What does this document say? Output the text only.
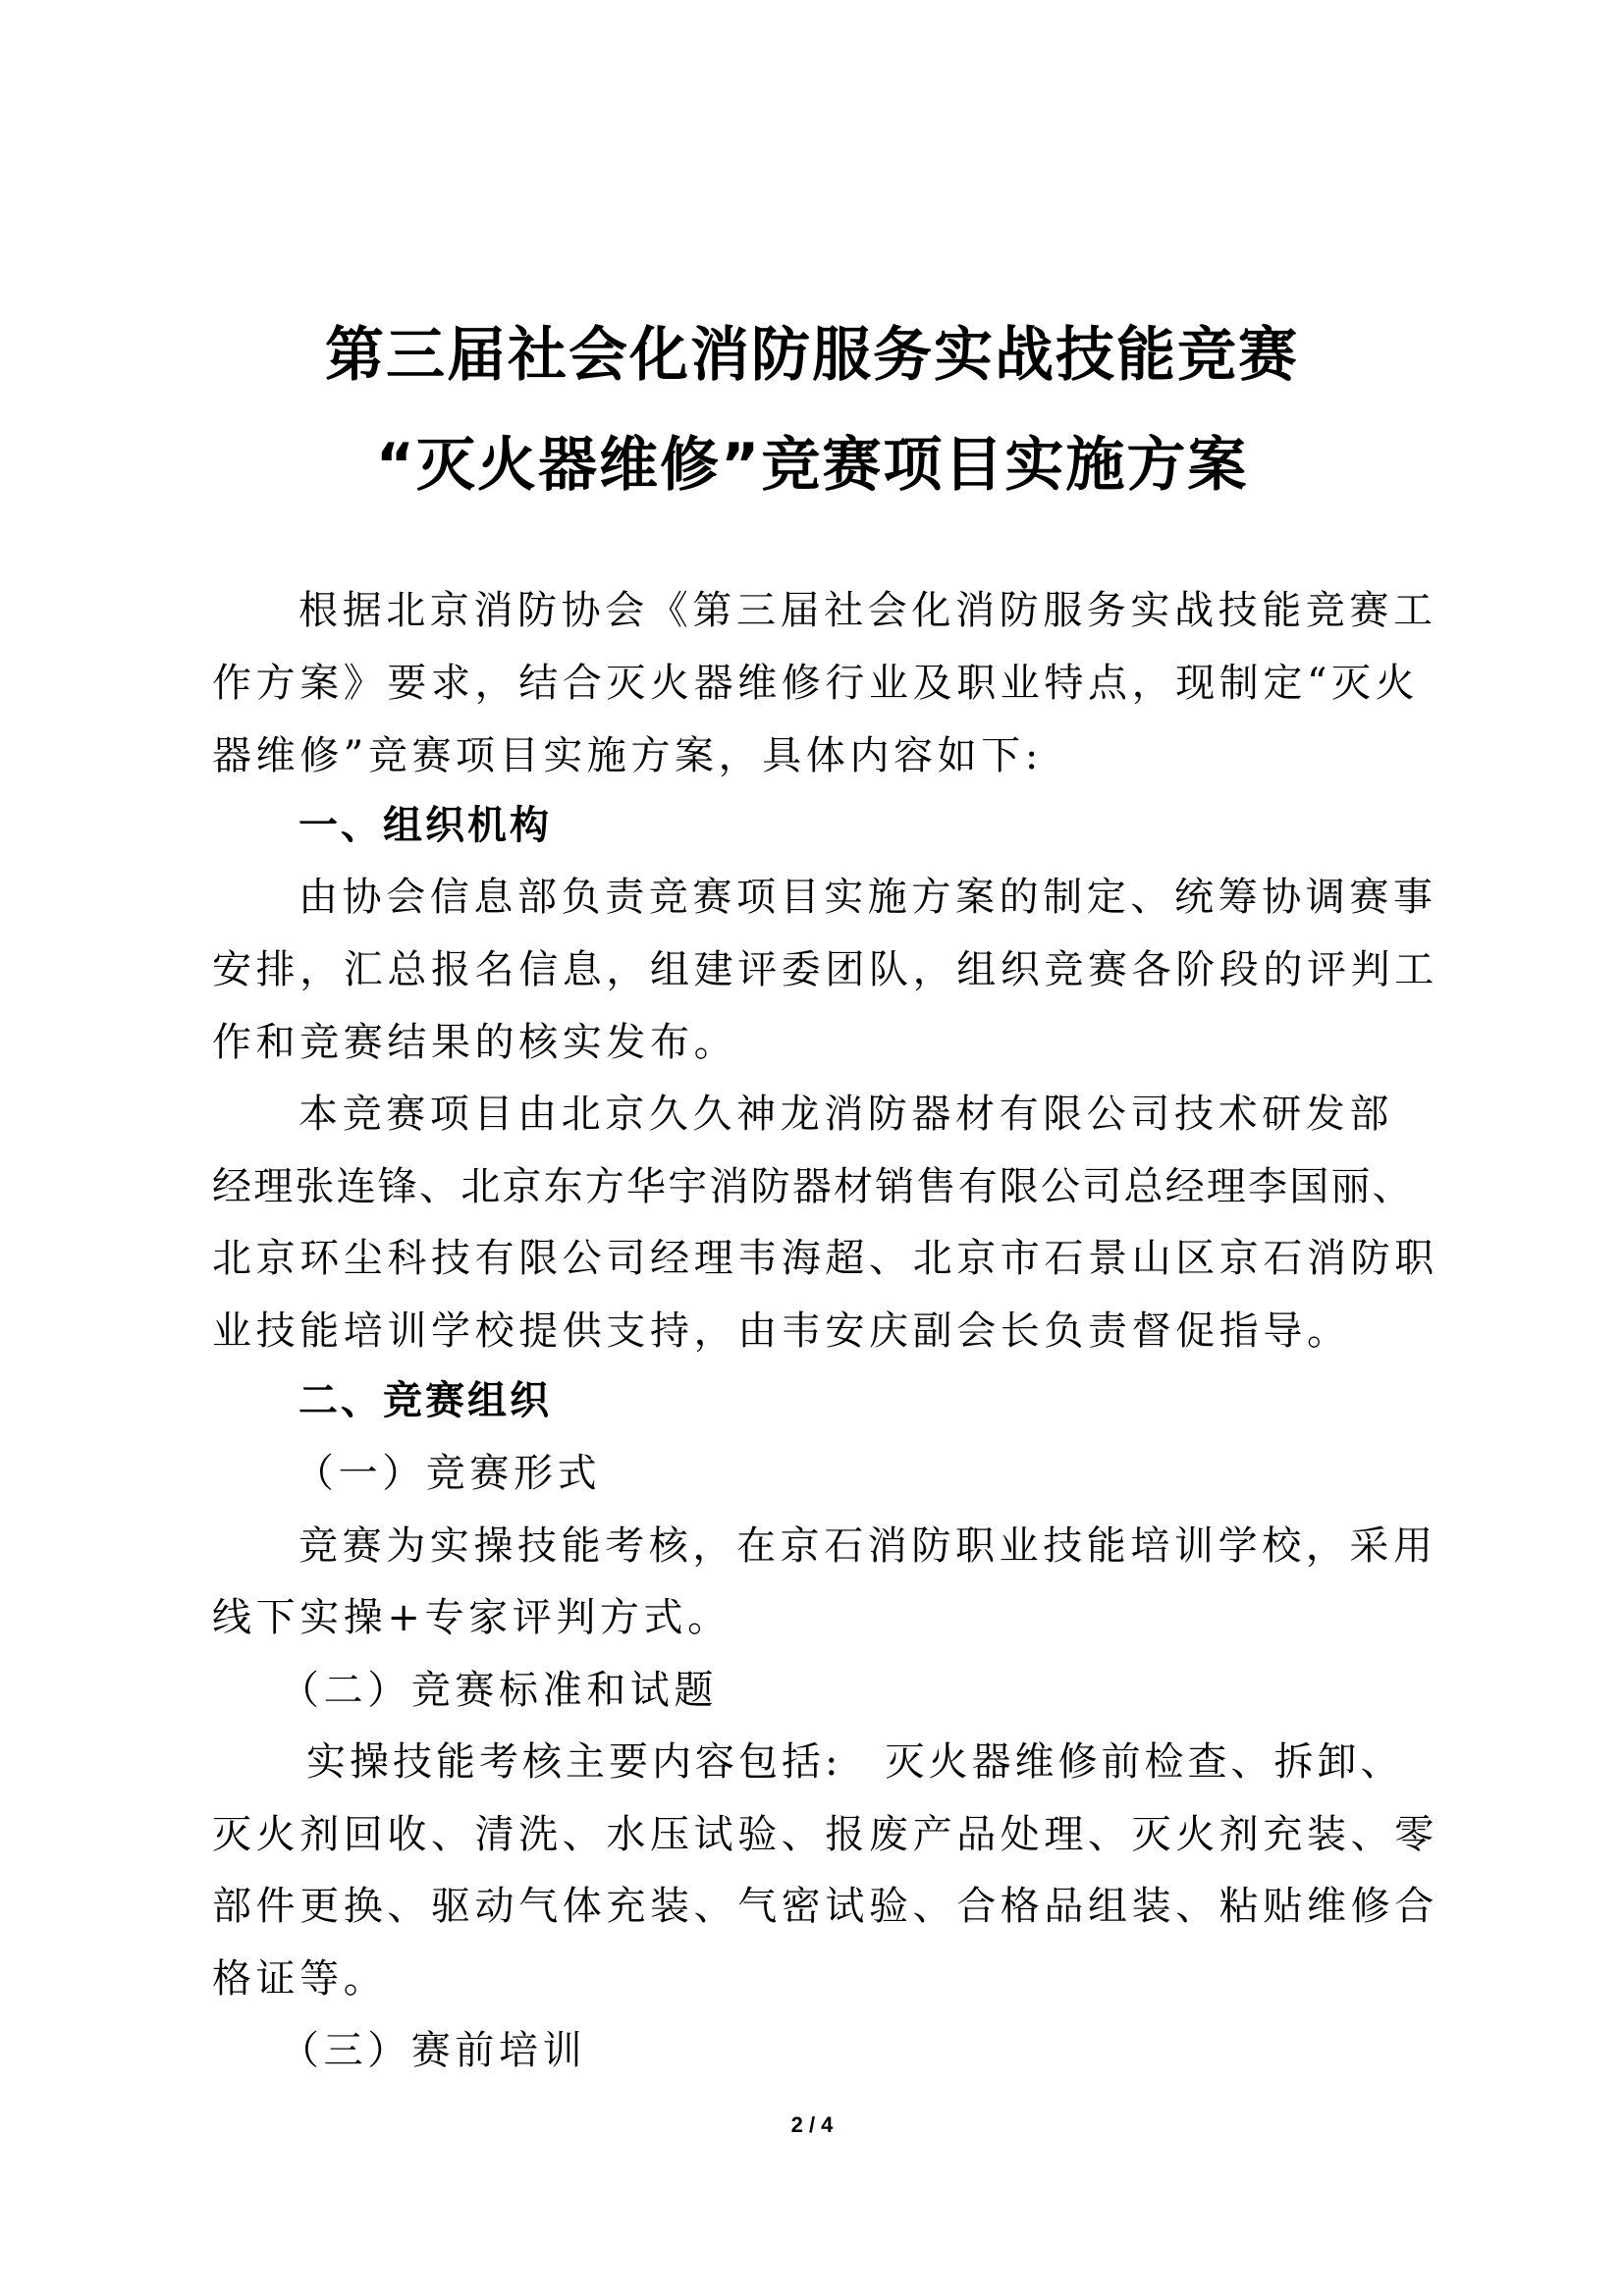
第三届社会化消防服务实战技能竞赛
“灭火器维修”竞赛项目实施方案
根据北京消防协会《第三届社会化消防服务实战技能竞赛工
作方案》要求，结合灭火器维修行业及职业特点，现制定“灭火
器维修”竞赛项目实施方案，具体内容如下:
一、组织机构
由协会信息部负责竞赛项目实施方案的制定、统筹协调赛事
安排，汇总报名信息，组建评委团队，组织竞赛各阶段的评判工
作和竞赛结果的核实发布。
本竞赛项目由北京久久神龙消防器材有限公司技术研发部
经理张连锋、北京东方华宇消防器材销售有限公司总经理李国丽、
北京环尘科技有限公司经理韦海超、北京市石景山区京石消防职
业技能培训学校提供支持，由韦安庆副会长负责督促指导。
二、竞赛组织
（一）竞赛形式
竞赛为实操技能考核，在京石消防职业技能培训学校，采用
线下实操+专家评判方式。
（二）竞赛标准和试题
实操技能考核主要内容包括:　灭火器维修前检查、拆卸、
灭火剂回收、清洗、水压试验、报废产品处理、灭火剂充装、零
部件更换、驱动气体充装、气密试验、合格品组装、粘贴维修合
格证等。
（三）赛前培训
2 / 4
